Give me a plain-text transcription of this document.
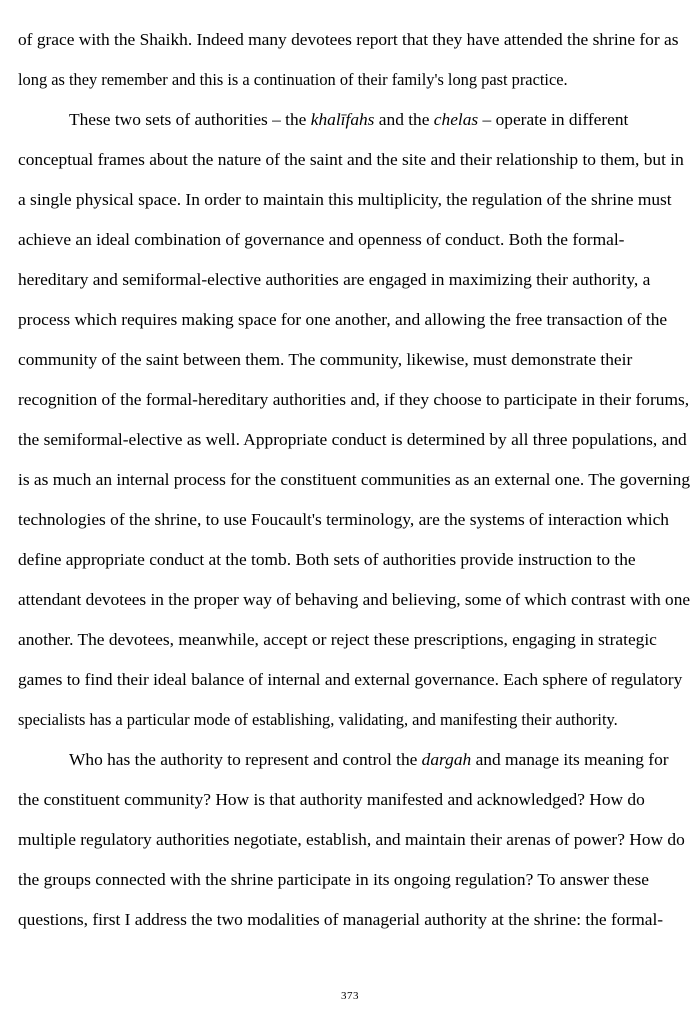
of grace with the Shaikh. Indeed many devotees report that they have attended the shrine for as
long as they remember and this is a continuation of their family's long past practice.
These two sets of authorities – the khalīfahs and the chelas – operate in different
conceptual frames about the nature of the saint and the site and their relationship to them, but in
a single physical space. In order to maintain this multiplicity, the regulation of the shrine must
achieve an ideal combination of governance and openness of conduct. Both the formal-
hereditary and semiformal-elective authorities are engaged in maximizing their authority, a
process which requires making space for one another, and allowing the free transaction of the
community of the saint between them. The community, likewise, must demonstrate their
recognition of the formal-hereditary authorities and, if they choose to participate in their forums,
the semiformal-elective as well. Appropriate conduct is determined by all three populations, and
is as much an internal process for the constituent communities as an external one. The governing
technologies of the shrine, to use Foucault's terminology, are the systems of interaction which
define appropriate conduct at the tomb. Both sets of authorities provide instruction to the
attendant devotees in the proper way of behaving and believing, some of which contrast with one
another. The devotees, meanwhile, accept or reject these prescriptions, engaging in strategic
games to find their ideal balance of internal and external governance. Each sphere of regulatory
specialists has a particular mode of establishing, validating, and manifesting their authority.
Who has the authority to represent and control the dargah and manage its meaning for
the constituent community? How is that authority manifested and acknowledged? How do
multiple regulatory authorities negotiate, establish, and maintain their arenas of power? How do
the groups connected with the shrine participate in its ongoing regulation? To answer these
questions, first I address the two modalities of managerial authority at the shrine: the formal-
373
